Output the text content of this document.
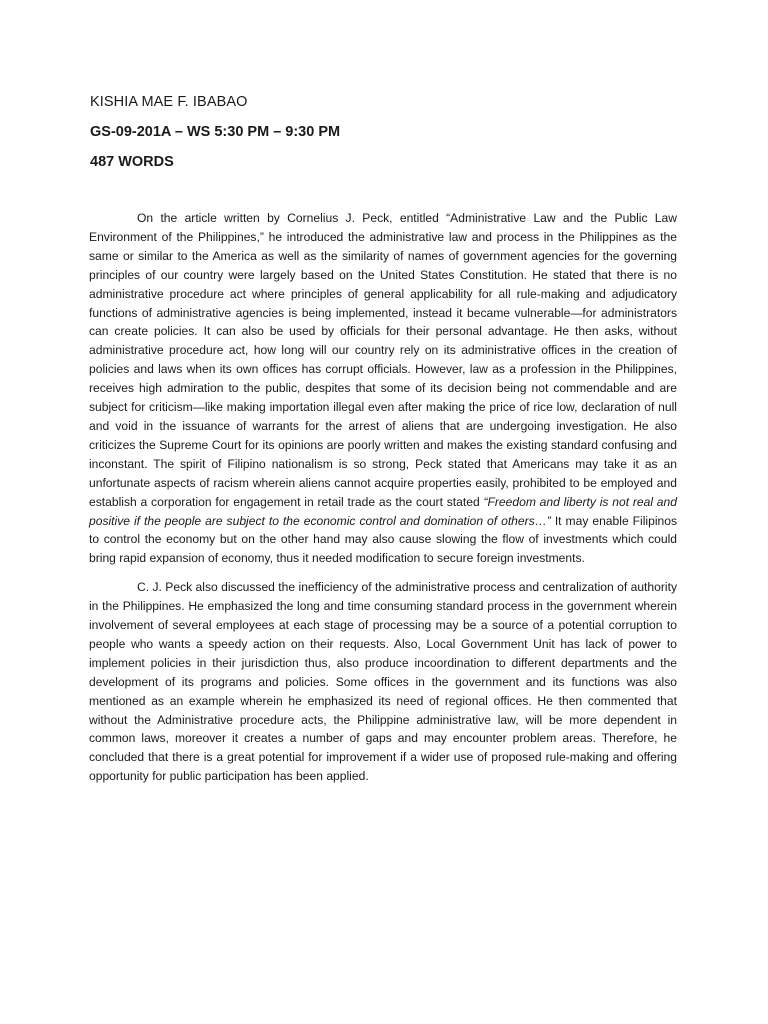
KISHIA MAE F. IBABAO

GS-09-201A – WS 5:30 PM – 9:30 PM

487 WORDS

On the article written by Cornelius J. Peck, entitled “Administrative Law and the Public Law Environment of the Philippines,” he introduced the administrative law and process in the Philippines as the same or similar to the America as well as the similarity of names of government agencies for the governing principles of our country were largely based on the United States Constitution. He stated that there is no administrative procedure act where principles of general applicability for all rule-making and adjudicatory functions of administrative agencies is being implemented, instead it became vulnerable—for administrators can create policies. It can also be used by officials for their personal advantage. He then asks, without administrative procedure act, how long will our country rely on its administrative offices in the creation of policies and laws when its own offices has corrupt officials. However, law as a profession in the Philippines, receives high admiration to the public, despites that some of its decision being not commendable and are subject for criticism—like making importation illegal even after making the price of rice low, declaration of null and void in the issuance of warrants for the arrest of aliens that are undergoing investigation. He also criticizes the Supreme Court for its opinions are poorly written and makes the existing standard confusing and inconstant. The spirit of Filipino nationalism is so strong, Peck stated that Americans may take it as an unfortunate aspects of racism wherein aliens cannot acquire properties easily, prohibited to be employed and establish a corporation for engagement in retail trade as the court stated “Freedom and liberty is not real and positive if the people are subject to the economic control and domination of others…” It may enable Filipinos to control the economy but on the other hand may also cause slowing the flow of investments which could bring rapid expansion of economy, thus it needed modification to secure foreign investments.

C. J. Peck also discussed the inefficiency of the administrative process and centralization of authority in the Philippines. He emphasized the long and time consuming standard process in the government wherein involvement of several employees at each stage of processing may be a source of a potential corruption to people who wants a speedy action on their requests. Also, Local Government Unit has lack of power to implement policies in their jurisdiction thus, also produce incoordination to different departments and the development of its programs and policies. Some offices in the government and its functions was also mentioned as an example wherein he emphasized its need of regional offices. He then commented that without the Administrative procedure acts, the Philippine administrative law, will be more dependent in common laws, moreover it creates a number of gaps and may encounter problem areas. Therefore, he concluded that there is a great potential for improvement if a wider use of proposed rule-making and offering opportunity for public participation has been applied.
